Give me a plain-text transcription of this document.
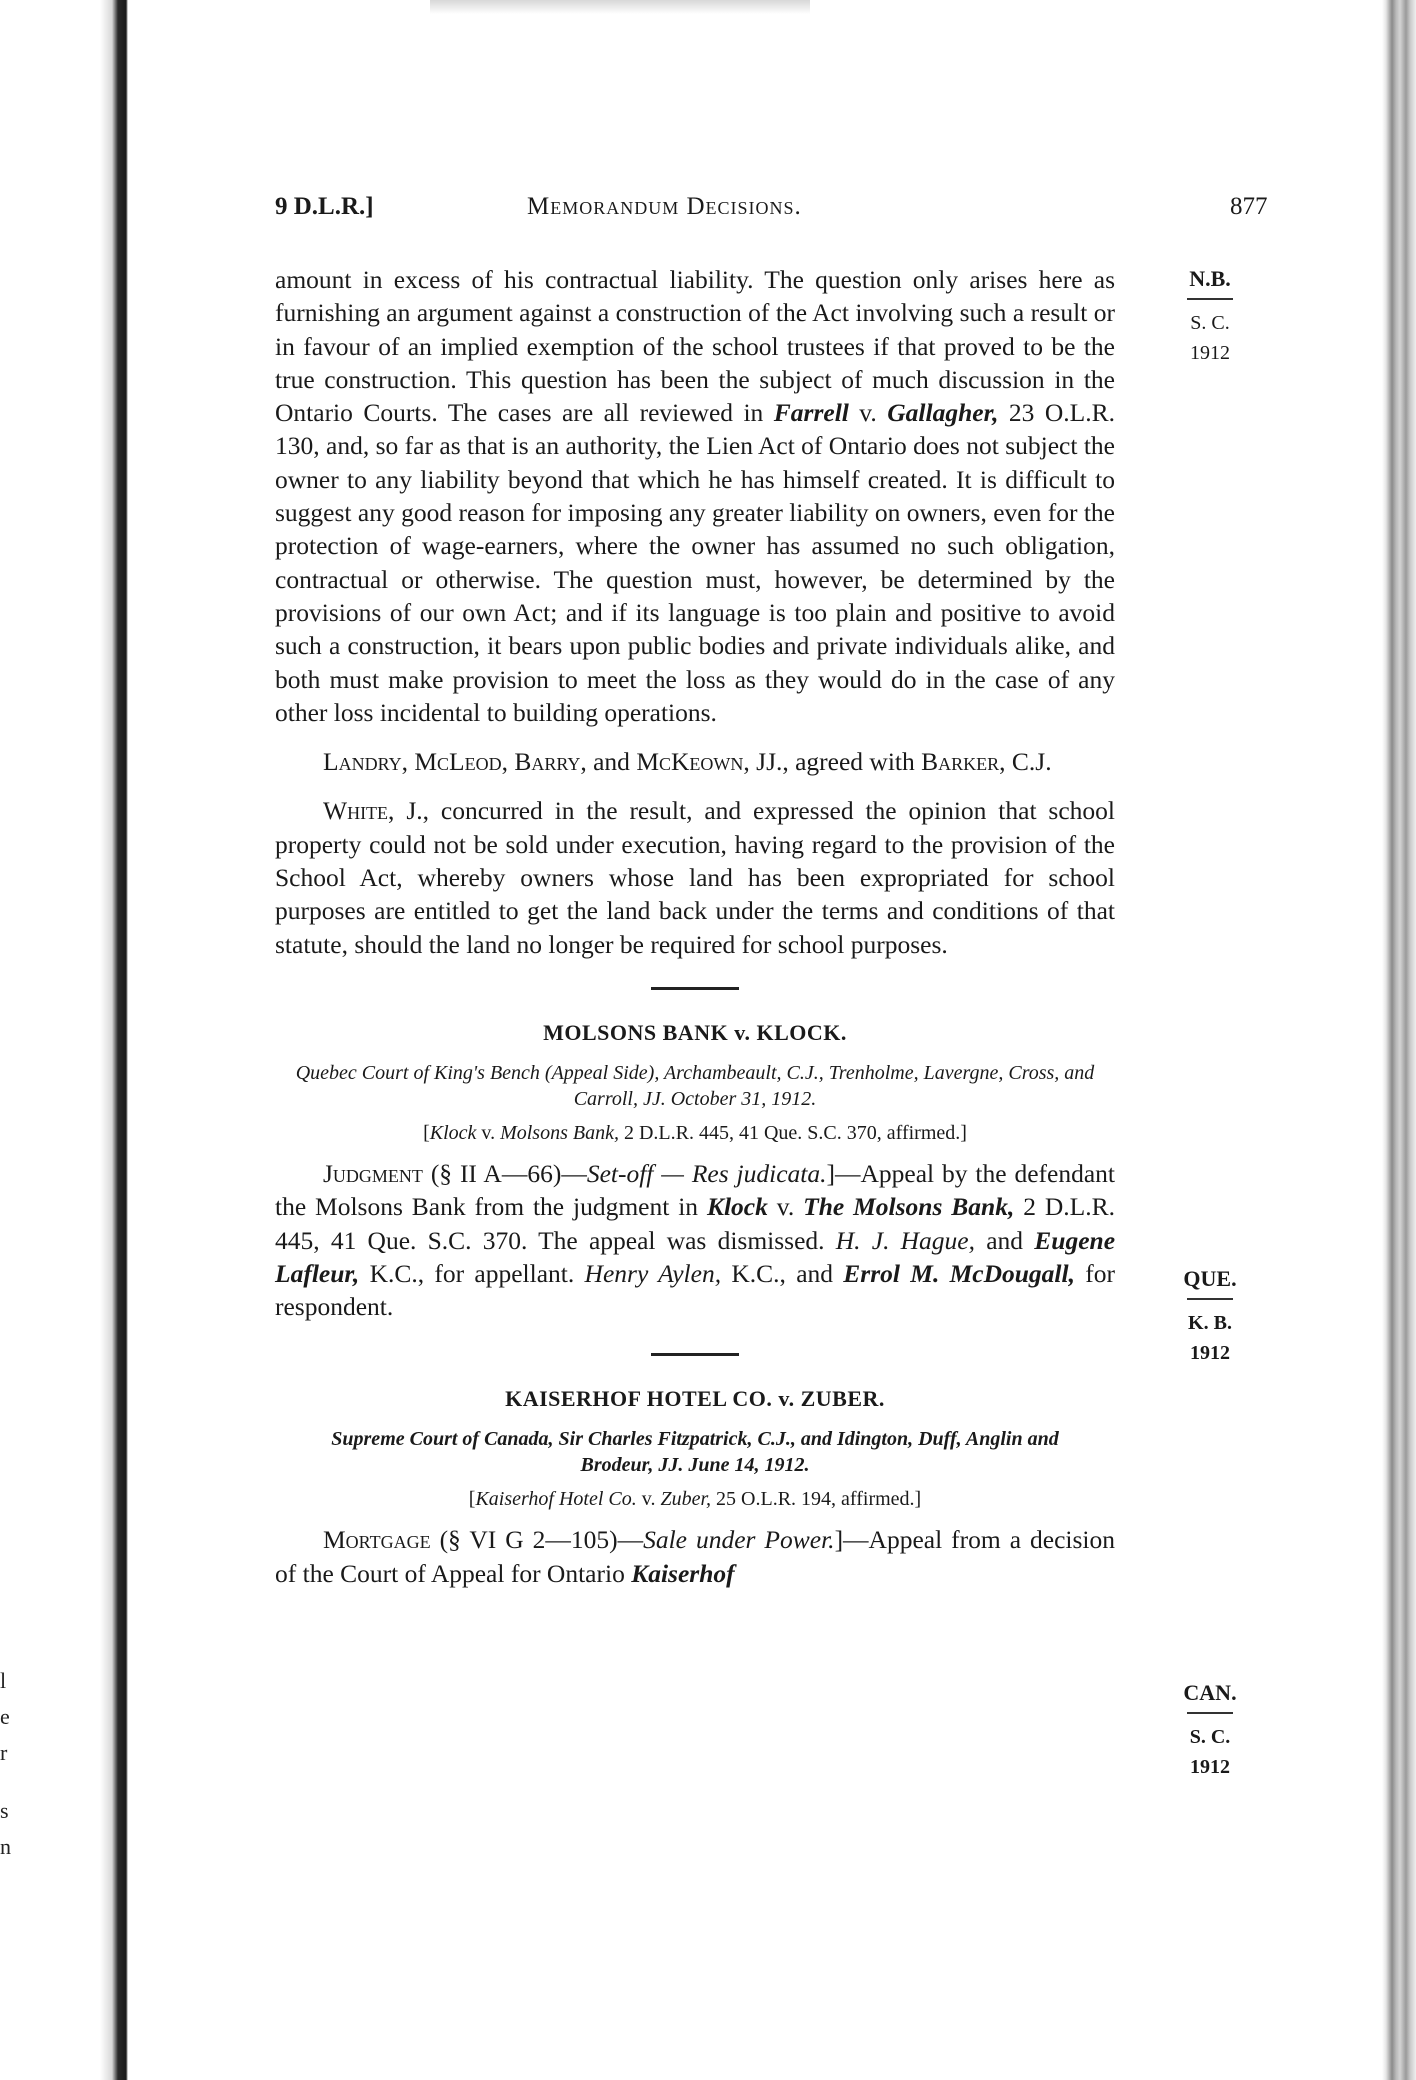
l
e
r
s
n
9 D.L.R.]	Memorandum Decisions.	877

amount in excess of his contractual liability. The question only arises here as furnishing an argument against a construction of the Act involving such a result or in favour of an implied exemption of the school trustees if that proved to be the true construction. This question has been the subject of much discussion in the Ontario Courts. The cases are all reviewed in Farrell v. Gallagher, 23 O.L.R. 130, and, so far as that is an authority, the Lien Act of Ontario does not subject the owner to any liability beyond that which he has himself created. It is difficult to suggest any good reason for imposing any greater liability on owners, even for the protection of wage-earners, where the owner has assumed no such obligation, contractual or otherwise. The question must, however, be determined by the provisions of our own Act; and if its language is too plain and positive to avoid such a construction, it bears upon public bodies and private individuals alike, and both must make provision to meet the loss as they would do in the case of any other loss incidental to building operations.

Landry, McLeod, Barry, and McKeown, JJ., agreed with Barker, C.J.

White, J., concurred in the result, and expressed the opinion that school property could not be sold under execution, having regard to the provision of the School Act, whereby owners whose land has been expropriated for school purposes are entitled to get the land back under the terms and conditions of that statute, should the land no longer be required for school purposes.

MOLSONS BANK v. KLOCK.

Quebec Court of King's Bench (Appeal Side), Archambeault, C.J., Trenholme, Lavergne, Cross, and Carroll, JJ. October 31, 1912.

[Klock v. Molsons Bank, 2 D.L.R. 445, 41 Que. S.C. 370, affirmed.]

Judgment (§ II A—66)—Set-off — Res judicata.]—Appeal by the defendant the Molsons Bank from the judgment in Klock v. The Molsons Bank, 2 D.L.R. 445, 41 Que. S.C. 370. The appeal was dismissed. H. J. Hague, and Eugene Lafleur, K.C., for appellant. Henry Aylen, K.C., and Errol M. McDougall, for respondent.

KAISERHOF HOTEL CO. v. ZUBER.

Supreme Court of Canada, Sir Charles Fitzpatrick, C.J., and Idington, Duff, Anglin and Brodeur, JJ. June 14, 1912.

[Kaiserhof Hotel Co. v. Zuber, 25 O.L.R. 194, affirmed.]

Mortgage (§ VI G 2—105)—Sale under Power.]—Appeal from a decision of the Court of Appeal for Ontario Kaiserhof

N.B.
S. C.
1912
QUE.
K. B.
1912
CAN.
S. C.
1912
